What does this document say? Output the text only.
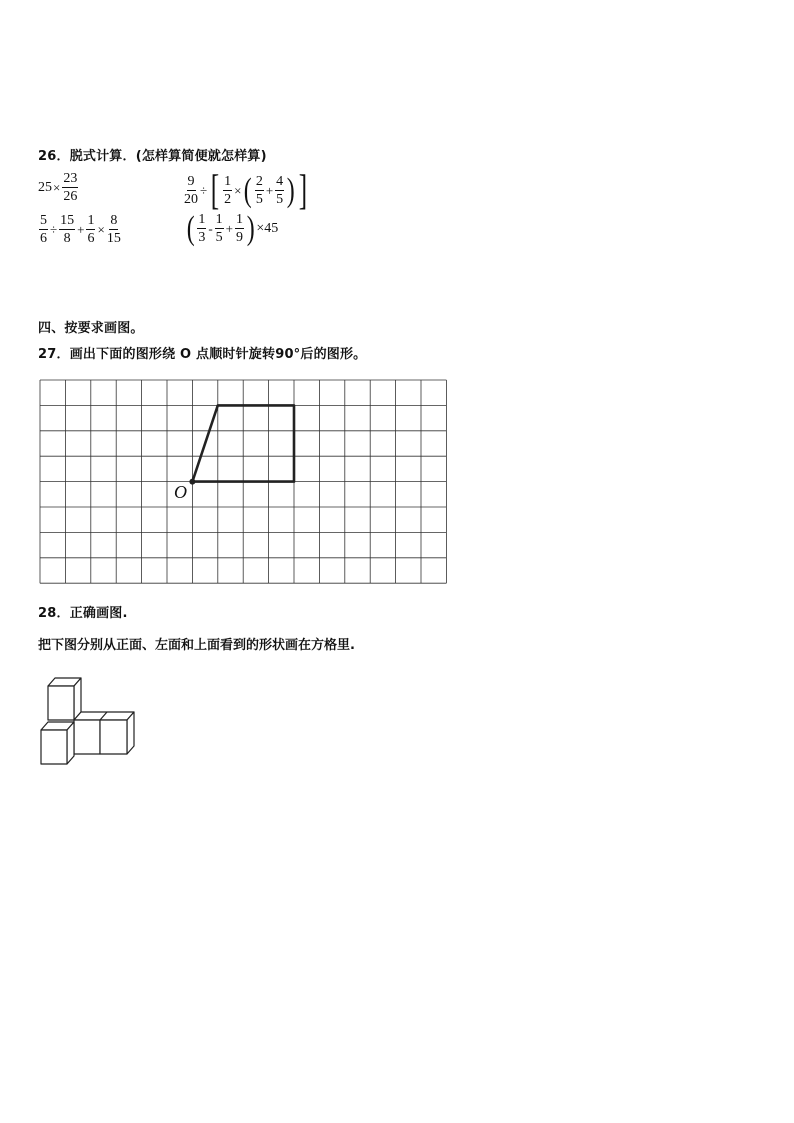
26．脱式计算．(怎样算简便就怎样算)
$25 \times \frac{23}{26}$	$\frac{9}{20}$ ÷ [ $\frac{1}{2}$ × ( $\frac{2}{5} + \frac{4}{5}$ ) ]
$\frac{5}{6} \div \frac{15}{8} + \frac{1}{6} \times \frac{8}{15}$ ( $\frac{1}{3} - \frac{1}{5} + \frac{1}{9}$ ) ×45
四、按要求画图。
27．画出下面的图形绕 O 点顺时针旋转90°后的图形。
O
28．正确画图.
把下图分别从正面、左面和上面看到的形状画在方格里.
